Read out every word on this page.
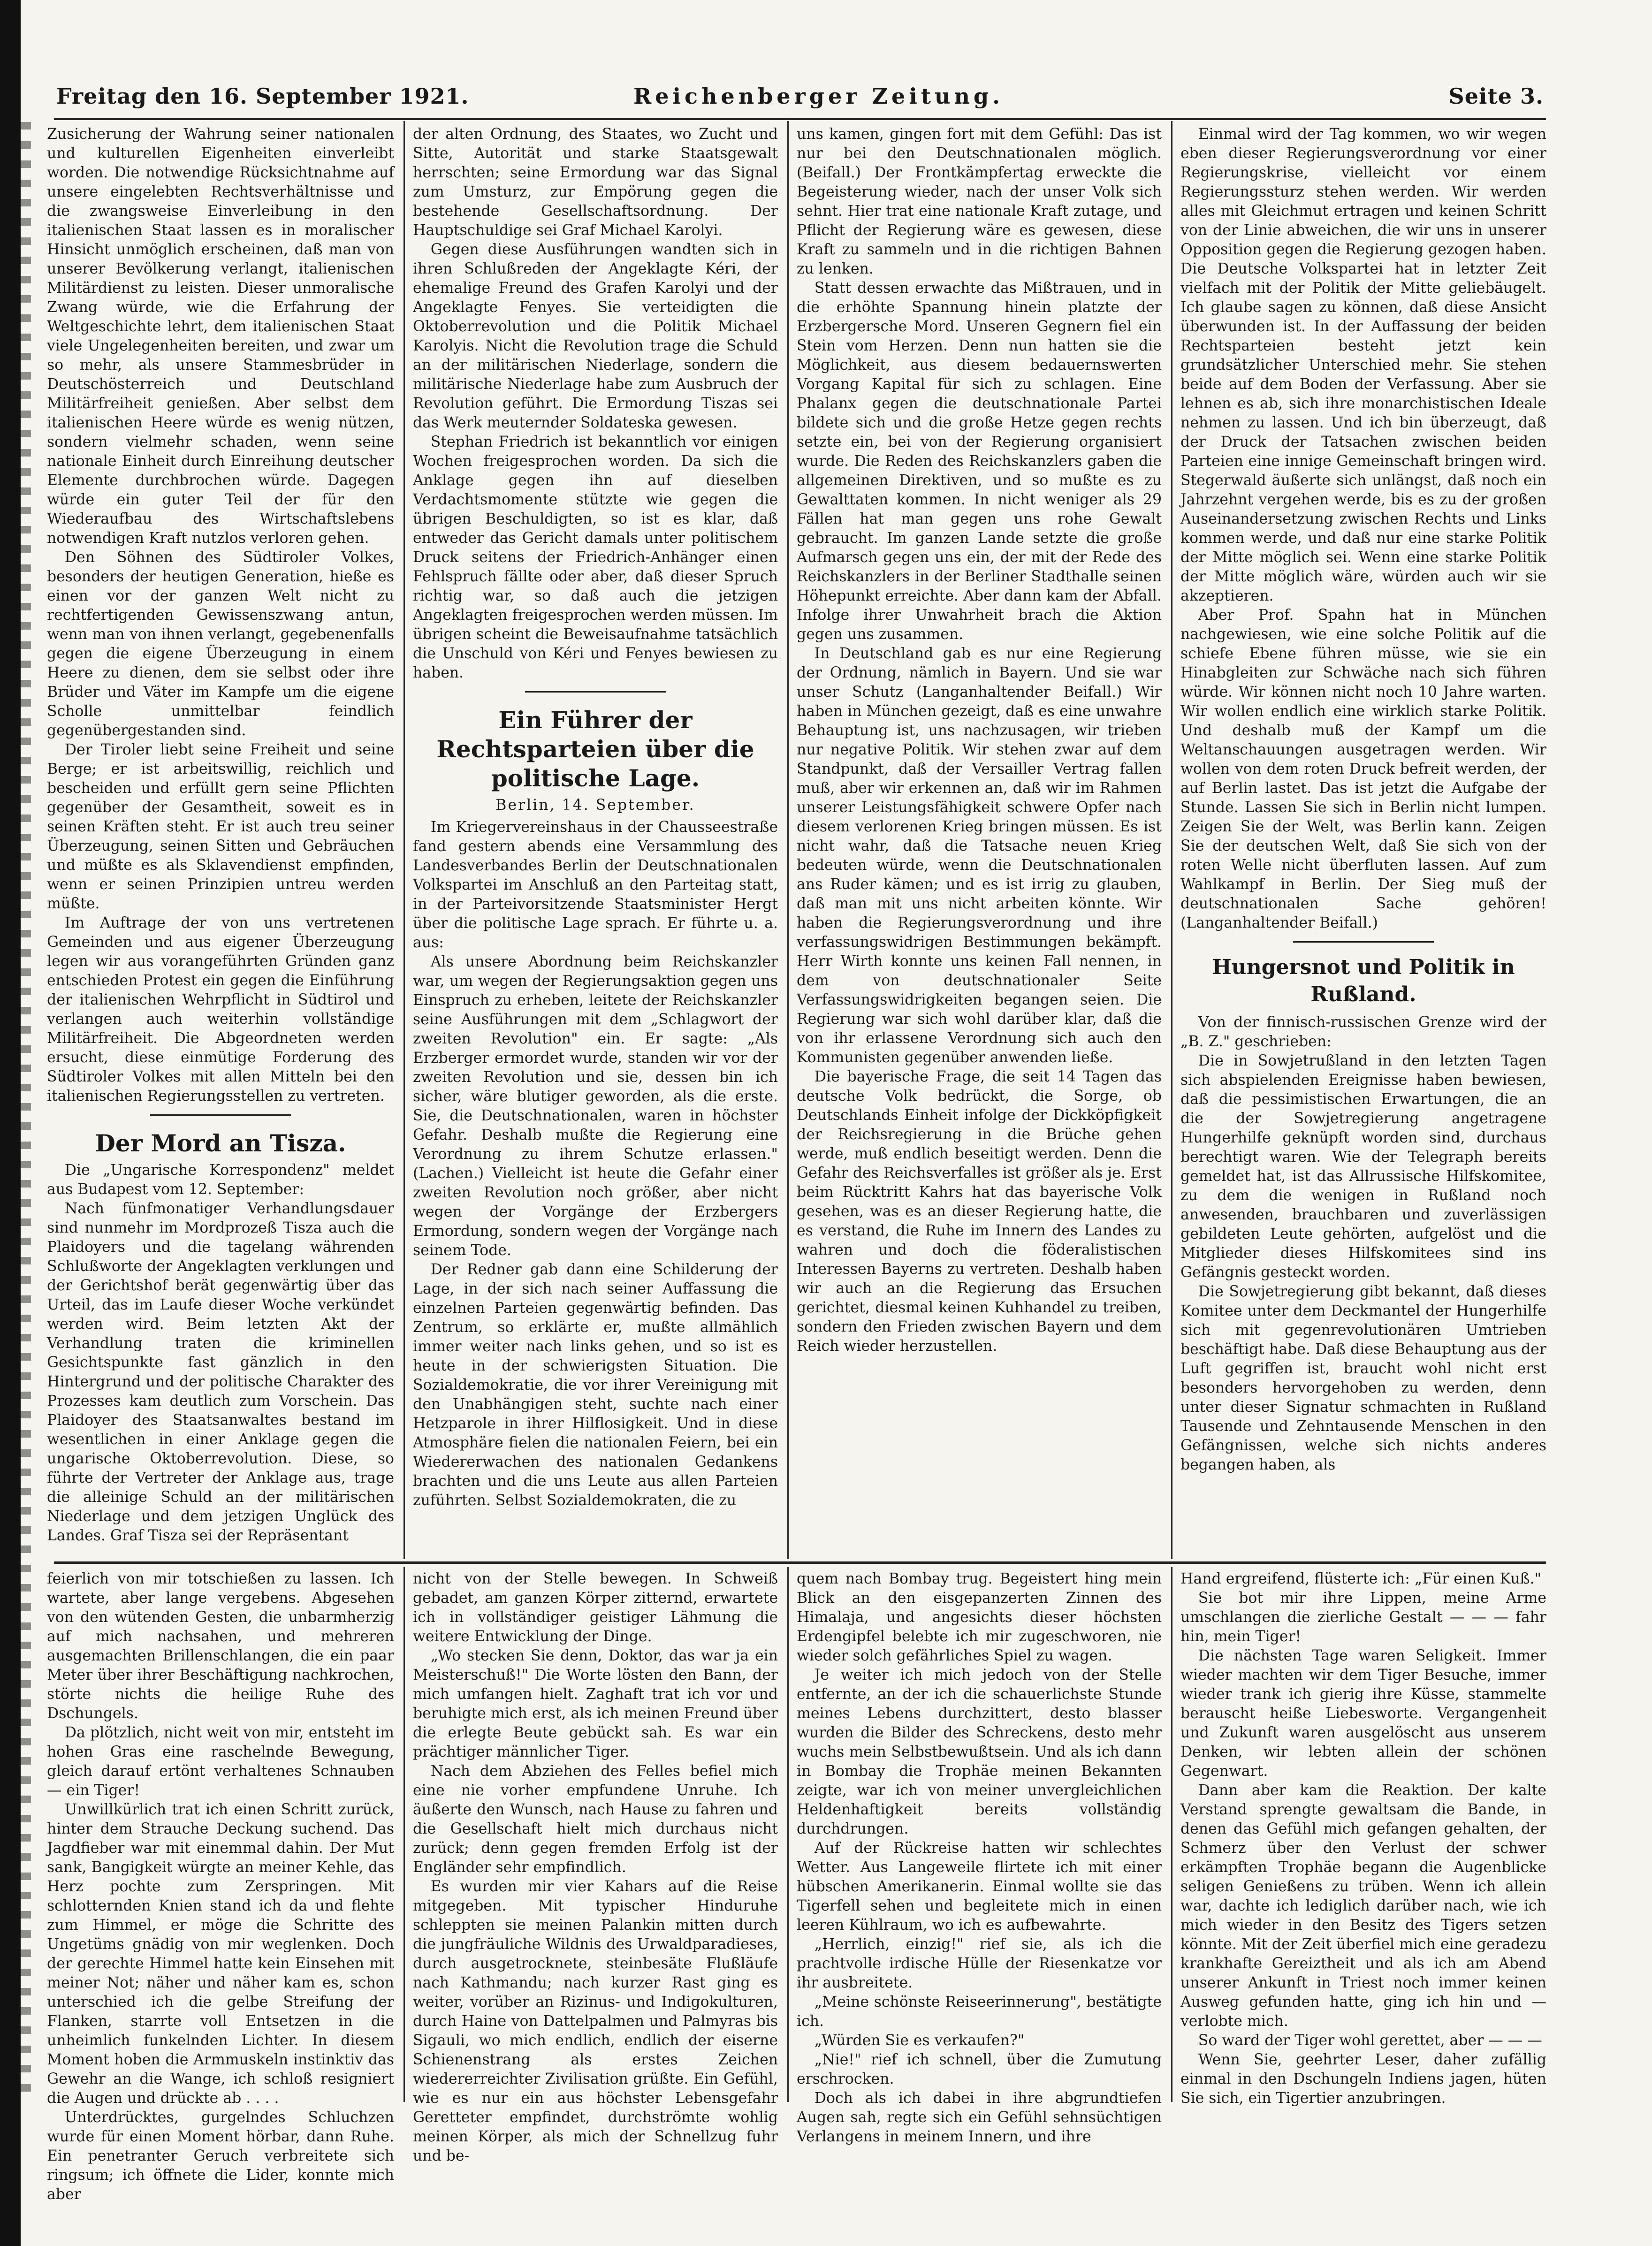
Freitag den 16. September 1921.	Reichenberger Zeitung.	Seite 3.

Zusicherung der Wahrung seiner nationalen und kulturellen Eigenheiten einverleibt worden. Die notwendige Rücksichtnahme auf unsere eingelebten Rechtsverhältnisse und die zwangsweise Einverleibung in den italienischen Staat lassen es in moralischer Hinsicht unmöglich erscheinen, daß man von unserer Bevölkerung verlangt, italienischen Militärdienst zu leisten. Dieser unmoralische Zwang würde, wie die Erfahrung der Weltgeschichte lehrt, dem italienischen Staat viele Ungelegenheiten bereiten, und zwar um so mehr, als unsere Stammesbrüder in Deutschösterreich und Deutschland Militärfreiheit genießen. Aber selbst dem italienischen Heere würde es wenig nützen, sondern vielmehr schaden, wenn seine nationale Einheit durch Einreihung deutscher Elemente durchbrochen würde. Dagegen würde ein guter Teil der für den Wiederaufbau des Wirtschaftslebens notwendigen Kraft nutzlos verloren gehen.

Den Söhnen des Südtiroler Volkes, besonders der heutigen Generation, hieße es einen vor der ganzen Welt nicht zu rechtfertigenden Gewissenszwang antun, wenn man von ihnen verlangt, gegebenenfalls gegen die eigene Überzeugung in einem Heere zu dienen, dem sie selbst oder ihre Brüder und Väter im Kampfe um die eigene Scholle unmittelbar feindlich gegenübergestanden sind.

Der Tiroler liebt seine Freiheit und seine Berge; er ist arbeitswillig, reichlich und bescheiden und erfüllt gern seine Pflichten gegenüber der Gesamtheit, soweit es in seinen Kräften steht. Er ist auch treu seiner Überzeugung, seinen Sitten und Gebräuchen und müßte es als Sklavendienst empfinden, wenn er seinen Prinzipien untreu werden müßte.

Im Auftrage der von uns vertretenen Gemeinden und aus eigener Überzeugung legen wir aus vorangeführten Gründen ganz entschieden Protest ein gegen die Einführung der italienischen Wehrpflicht in Südtirol und verlangen auch weiterhin vollständige Militärfreiheit. Die Abgeordneten werden ersucht, diese einmütige Forderung des Südtiroler Volkes mit allen Mitteln bei den italienischen Regierungsstellen zu vertreten.

Der Mord an Tisza.

Die „Ungarische Korrespondenz" meldet aus Budapest vom 12. September:

Nach fünfmonatiger Verhandlungsdauer sind nunmehr im Mordprozeß Tisza auch die Plaidoyers und die tagelang währenden Schlußworte der Angeklagten verklungen und der Gerichtshof berät gegenwärtig über das Urteil, das im Laufe dieser Woche verkündet werden wird. Beim letzten Akt der Verhandlung traten die kriminellen Gesichtspunkte fast gänzlich in den Hintergrund und der politische Charakter des Prozesses kam deutlich zum Vorschein. Das Plaidoyer des Staatsanwaltes bestand im wesentlichen in einer Anklage gegen die ungarische Oktoberrevolution. Diese, so führte der Vertreter der Anklage aus, trage die alleinige Schuld an der militärischen Niederlage und dem jetzigen Unglück des Landes. Graf Tisza sei der Repräsentant

der alten Ordnung, des Staates, wo Zucht und Sitte, Autorität und starke Staatsgewalt herrschten; seine Ermordung war das Signal zum Umsturz, zur Empörung gegen die bestehende Gesellschaftsordnung. Der Hauptschuldige sei Graf Michael Karolyi.

Gegen diese Ausführungen wandten sich in ihren Schlußreden der Angeklagte Kéri, der ehemalige Freund des Grafen Karolyi und der Angeklagte Fenyes. Sie verteidigten die Oktoberrevolution und die Politik Michael Karolyis. Nicht die Revolution trage die Schuld an der militärischen Niederlage, sondern die militärische Niederlage habe zum Ausbruch der Revolution geführt. Die Ermordung Tiszas sei das Werk meuternder Soldateska gewesen.

Stephan Friedrich ist bekanntlich vor einigen Wochen freigesprochen worden. Da sich die Anklage gegen ihn auf dieselben Verdachtsmomente stützte wie gegen die übrigen Beschuldigten, so ist es klar, daß entweder das Gericht damals unter politischem Druck seitens der Friedrich-Anhänger einen Fehlspruch fällte oder aber, daß dieser Spruch richtig war, so daß auch die jetzigen Angeklagten freigesprochen werden müssen. Im übrigen scheint die Beweisaufnahme tatsächlich die Unschuld von Kéri und Fenyes bewiesen zu haben.

Ein Führer der Rechtsparteien über die politische Lage.

Berlin, 14. September.

Im Kriegervereinshaus in der Chausseestraße fand gestern abends eine Versammlung des Landesverbandes Berlin der Deutschnationalen Volkspartei im Anschluß an den Parteitag statt, in der Parteivorsitzende Staatsminister Hergt über die politische Lage sprach. Er führte u. a. aus:

Als unsere Abordnung beim Reichskanzler war, um wegen der Regierungsaktion gegen uns Einspruch zu erheben, leitete der Reichskanzler seine Ausführungen mit dem „Schlagwort der zweiten Revolution" ein. Er sagte: „Als Erzberger ermordet wurde, standen wir vor der zweiten Revolution und sie, dessen bin ich sicher, wäre blutiger geworden, als die erste. Sie, die Deutschnationalen, waren in höchster Gefahr. Deshalb mußte die Regierung eine Verordnung zu ihrem Schutze erlassen." (Lachen.) Vielleicht ist heute die Gefahr einer zweiten Revolution noch größer, aber nicht wegen der Vorgänge der Erzbergers Ermordung, sondern wegen der Vorgänge nach seinem Tode.

Der Redner gab dann eine Schilderung der Lage, in der sich nach seiner Auffassung die einzelnen Parteien gegenwärtig befinden. Das Zentrum, so erklärte er, mußte allmählich immer weiter nach links gehen, und so ist es heute in der schwierigsten Situation. Die Sozialdemokratie, die vor ihrer Vereinigung mit den Unabhängigen steht, suchte nach einer Hetzparole in ihrer Hilflosigkeit. Und in diese Atmosphäre fielen die nationalen Feiern, bei ein Wiedererwachen des nationalen Gedankens brachten und die uns Leute aus allen Parteien zuführten. Selbst Sozialdemokraten, die zu

uns kamen, gingen fort mit dem Gefühl: Das ist nur bei den Deutschnationalen möglich. (Beifall.) Der Frontkämpfertag erweckte die Begeisterung wieder, nach der unser Volk sich sehnt. Hier trat eine nationale Kraft zutage, und Pflicht der Regierung wäre es gewesen, diese Kraft zu sammeln und in die richtigen Bahnen zu lenken.

Statt dessen erwachte das Mißtrauen, und in die erhöhte Spannung hinein platzte der Erzbergersche Mord. Unseren Gegnern fiel ein Stein vom Herzen. Denn nun hatten sie die Möglichkeit, aus diesem bedauernswerten Vorgang Kapital für sich zu schlagen. Eine Phalanx gegen die deutschnationale Partei bildete sich und die große Hetze gegen rechts setzte ein, bei von der Regierung organisiert wurde. Die Reden des Reichskanzlers gaben die allgemeinen Direktiven, und so mußte es zu Gewalttaten kommen. In nicht weniger als 29 Fällen hat man gegen uns rohe Gewalt gebraucht. Im ganzen Lande setzte die große Aufmarsch gegen uns ein, der mit der Rede des Reichskanzlers in der Berliner Stadthalle seinen Höhepunkt erreichte. Aber dann kam der Abfall. Infolge ihrer Unwahrheit brach die Aktion gegen uns zusammen.

In Deutschland gab es nur eine Regierung der Ordnung, nämlich in Bayern. Und sie war unser Schutz (Langanhaltender Beifall.) Wir haben in München gezeigt, daß es eine unwahre Behauptung ist, uns nachzusagen, wir trieben nur negative Politik. Wir stehen zwar auf dem Standpunkt, daß der Versailler Vertrag fallen muß, aber wir erkennen an, daß wir im Rahmen unserer Leistungsfähigkeit schwere Opfer nach diesem verlorenen Krieg bringen müssen. Es ist nicht wahr, daß die Tatsache neuen Krieg bedeuten würde, wenn die Deutschnationalen ans Ruder kämen; und es ist irrig zu glauben, daß man mit uns nicht arbeiten könnte. Wir haben die Regierungsverordnung und ihre verfassungswidrigen Bestimmungen bekämpft. Herr Wirth konnte uns keinen Fall nennen, in dem von deutschnationaler Seite Verfassungswidrigkeiten begangen seien. Die Regierung war sich wohl darüber klar, daß die von ihr erlassene Verordnung sich auch den Kommunisten gegenüber anwenden ließe.

Die bayerische Frage, die seit 14 Tagen das deutsche Volk bedrückt, die Sorge, ob Deutschlands Einheit infolge der Dickköpfigkeit der Reichsregierung in die Brüche gehen werde, muß endlich beseitigt werden. Denn die Gefahr des Reichsverfalles ist größer als je. Erst beim Rücktritt Kahrs hat das bayerische Volk gesehen, was es an dieser Regierung hatte, die es verstand, die Ruhe im Innern des Landes zu wahren und doch die föderalistischen Interessen Bayerns zu vertreten. Deshalb haben wir auch an die Regierung das Ersuchen gerichtet, diesmal keinen Kuhhandel zu treiben, sondern den Frieden zwischen Bayern und dem Reich wieder herzustellen.

Einmal wird der Tag kommen, wo wir wegen eben dieser Regierungsverordnung vor einer Regierungskrise, vielleicht vor einem Regierungssturz stehen werden. Wir werden alles mit Gleichmut ertragen und keinen Schritt von der Linie abweichen, die wir uns in unserer Opposition gegen die Regierung gezogen haben. Die Deutsche Volkspartei hat in letzter Zeit vielfach mit der Politik der Mitte geliebäugelt. Ich glaube sagen zu können, daß diese Ansicht überwunden ist. In der Auffassung der beiden Rechtsparteien besteht jetzt kein grundsätzlicher Unterschied mehr. Sie stehen beide auf dem Boden der Verfassung. Aber sie lehnen es ab, sich ihre monarchistischen Ideale nehmen zu lassen. Und ich bin überzeugt, daß der Druck der Tatsachen zwischen beiden Parteien eine innige Gemeinschaft bringen wird. Stegerwald äußerte sich unlängst, daß noch ein Jahrzehnt vergehen werde, bis es zu der großen Auseinandersetzung zwischen Rechts und Links kommen werde, und daß nur eine starke Politik der Mitte möglich sei. Wenn eine starke Politik der Mitte möglich wäre, würden auch wir sie akzeptieren.

Aber Prof. Spahn hat in München nachgewiesen, wie eine solche Politik auf die schiefe Ebene führen müsse, wie sie ein Hinabgleiten zur Schwäche nach sich führen würde. Wir können nicht noch 10 Jahre warten. Wir wollen endlich eine wirklich starke Politik. Und deshalb muß der Kampf um die Weltanschauungen ausgetragen werden. Wir wollen von dem roten Druck befreit werden, der auf Berlin lastet. Das ist jetzt die Aufgabe der Stunde. Lassen Sie sich in Berlin nicht lumpen. Zeigen Sie der Welt, was Berlin kann. Zeigen Sie der deutschen Welt, daß Sie sich von der roten Welle nicht überfluten lassen. Auf zum Wahlkampf in Berlin. Der Sieg muß der deutschnationalen Sache gehören! (Langanhaltender Beifall.)

Hungersnot und Politik in Rußland.

Von der finnisch-russischen Grenze wird der „B. Z." geschrieben:

Die in Sowjetrußland in den letzten Tagen sich abspielenden Ereignisse haben bewiesen, daß die pessimistischen Erwartungen, die an die der Sowjetregierung angetragene Hungerhilfe geknüpft worden sind, durchaus berechtigt waren. Wie der Telegraph bereits gemeldet hat, ist das Allrussische Hilfskomitee, zu dem die wenigen in Rußland noch anwesenden, brauchbaren und zuverlässigen gebildeten Leute gehörten, aufgelöst und die Mitglieder dieses Hilfskomitees sind ins Gefängnis gesteckt worden.

Die Sowjetregierung gibt bekannt, daß dieses Komitee unter dem Deckmantel der Hungerhilfe sich mit gegenrevolutionären Umtrieben beschäftigt habe. Daß diese Behauptung aus der Luft gegriffen ist, braucht wohl nicht erst besonders hervorgehoben zu werden, denn unter dieser Signatur schmachten in Rußland Tausende und Zehntausende Menschen in den Gefängnissen, welche sich nichts anderes begangen haben, als

feierlich von mir totschießen zu lassen. Ich wartete, aber lange vergebens. Abgesehen von den wütenden Gesten, die unbarmherzig auf mich nachsahen, und mehreren ausgemachten Brillenschlangen, die ein paar Meter über ihrer Beschäftigung nachkrochen, störte nichts die heilige Ruhe des Dschungels.

Da plötzlich, nicht weit von mir, entsteht im hohen Gras eine raschelnde Bewegung, gleich darauf ertönt verhaltenes Schnauben — ein Tiger!

Unwillkürlich trat ich einen Schritt zurück, hinter dem Strauche Deckung suchend. Das Jagdfieber war mit einemmal dahin. Der Mut sank, Bangigkeit würgte an meiner Kehle, das Herz pochte zum Zerspringen. Mit schlotternden Knien stand ich da und flehte zum Himmel, er möge die Schritte des Ungetüms gnädig von mir weglenken. Doch der gerechte Himmel hatte kein Einsehen mit meiner Not; näher und näher kam es, schon unterschied ich die gelbe Streifung der Flanken, starrte voll Entsetzen in die unheimlich funkelnden Lichter. In diesem Moment hoben die Armmuskeln instinktiv das Gewehr an die Wange, ich schloß resigniert die Augen und drückte ab . . . .

Unterdrücktes, gurgelndes Schluchzen wurde für einen Moment hörbar, dann Ruhe. Ein penetranter Geruch verbreitete sich ringsum; ich öffnete die Lider, konnte mich aber

nicht von der Stelle bewegen. In Schweiß gebadet, am ganzen Körper zitternd, erwartete ich in vollständiger geistiger Lähmung die weitere Entwicklung der Dinge.

„Wo stecken Sie denn, Doktor, das war ja ein Meisterschuß!" Die Worte lösten den Bann, der mich umfangen hielt. Zaghaft trat ich vor und beruhigte mich erst, als ich meinen Freund über die erlegte Beute gebückt sah. Es war ein prächtiger männlicher Tiger.

Nach dem Abziehen des Felles befiel mich eine nie vorher empfundene Unruhe. Ich äußerte den Wunsch, nach Hause zu fahren und die Gesellschaft hielt mich durchaus nicht zurück; denn gegen fremden Erfolg ist der Engländer sehr empfindlich.

Es wurden mir vier Kahars auf die Reise mitgegeben. Mit typischer Hinduruhe schleppten sie meinen Palankin mitten durch die jungfräuliche Wildnis des Urwaldparadieses, durch ausgetrocknete, steinbesäte Flußläufe nach Kathmandu; nach kurzer Rast ging es weiter, vorüber an Rizinus- und Indigokulturen, durch Haine von Dattelpalmen und Palmyras bis Sigauli, wo mich endlich, endlich der eiserne Schienenstrang als erstes Zeichen wiedererreichter Zivilisation grüßte. Ein Gefühl, wie es nur ein aus höchster Lebensgefahr Geretteter empfindet, durchströmte wohlig meinen Körper, als mich der Schnellzug fuhr und be-

quem nach Bombay trug. Begeistert hing mein Blick an den eisgepanzerten Zinnen des Himalaja, und angesichts dieser höchsten Erdengipfel belebte ich mir zugeschworen, nie wieder solch gefährliches Spiel zu wagen.

Je weiter ich mich jedoch von der Stelle entfernte, an der ich die schauerlichste Stunde meines Lebens durchzittert, desto blasser wurden die Bilder des Schreckens, desto mehr wuchs mein Selbstbewußtsein. Und als ich dann in Bombay die Trophäe meinen Bekannten zeigte, war ich von meiner unvergleichlichen Heldenhaftigkeit bereits vollständig durchdrungen.

Auf der Rückreise hatten wir schlechtes Wetter. Aus Langeweile flirtete ich mit einer hübschen Amerikanerin. Einmal wollte sie das Tigerfell sehen und begleitete mich in einen leeren Kühlraum, wo ich es aufbewahrte.

„Herrlich, einzig!" rief sie, als ich die prachtvolle irdische Hülle der Riesenkatze vor ihr ausbreitete.

„Meine schönste Reiseerinnerung", bestätigte ich.

„Würden Sie es verkaufen?"

„Nie!" rief ich schnell, über die Zumutung erschrocken.

Doch als ich dabei in ihre abgrundtiefen Augen sah, regte sich ein Gefühl sehnsüchtigen Verlangens in meinem Innern, und ihre

Hand ergreifend, flüsterte ich: „Für einen Kuß."

Sie bot mir ihre Lippen, meine Arme umschlangen die zierliche Gestalt — — — fahr hin, mein Tiger!

Die nächsten Tage waren Seligkeit. Immer wieder machten wir dem Tiger Besuche, immer wieder trank ich gierig ihre Küsse, stammelte berauscht heiße Liebesworte. Vergangenheit und Zukunft waren ausgelöscht aus unserem Denken, wir lebten allein der schönen Gegenwart.

Dann aber kam die Reaktion. Der kalte Verstand sprengte gewaltsam die Bande, in denen das Gefühl mich gefangen gehalten, der Schmerz über den Verlust der schwer erkämpften Trophäe begann die Augenblicke seligen Genießens zu trüben. Wenn ich allein war, dachte ich lediglich darüber nach, wie ich mich wieder in den Besitz des Tigers setzen könnte. Mit der Zeit überfiel mich eine geradezu krankhafte Gereiztheit und als ich am Abend unserer Ankunft in Triest noch immer keinen Ausweg gefunden hatte, ging ich hin und — verlobte mich.

So ward der Tiger wohl gerettet, aber — — —

Wenn Sie, geehrter Leser, daher zufällig einmal in den Dschungeln Indiens jagen, hüten Sie sich, ein Tigertier anzubringen.
